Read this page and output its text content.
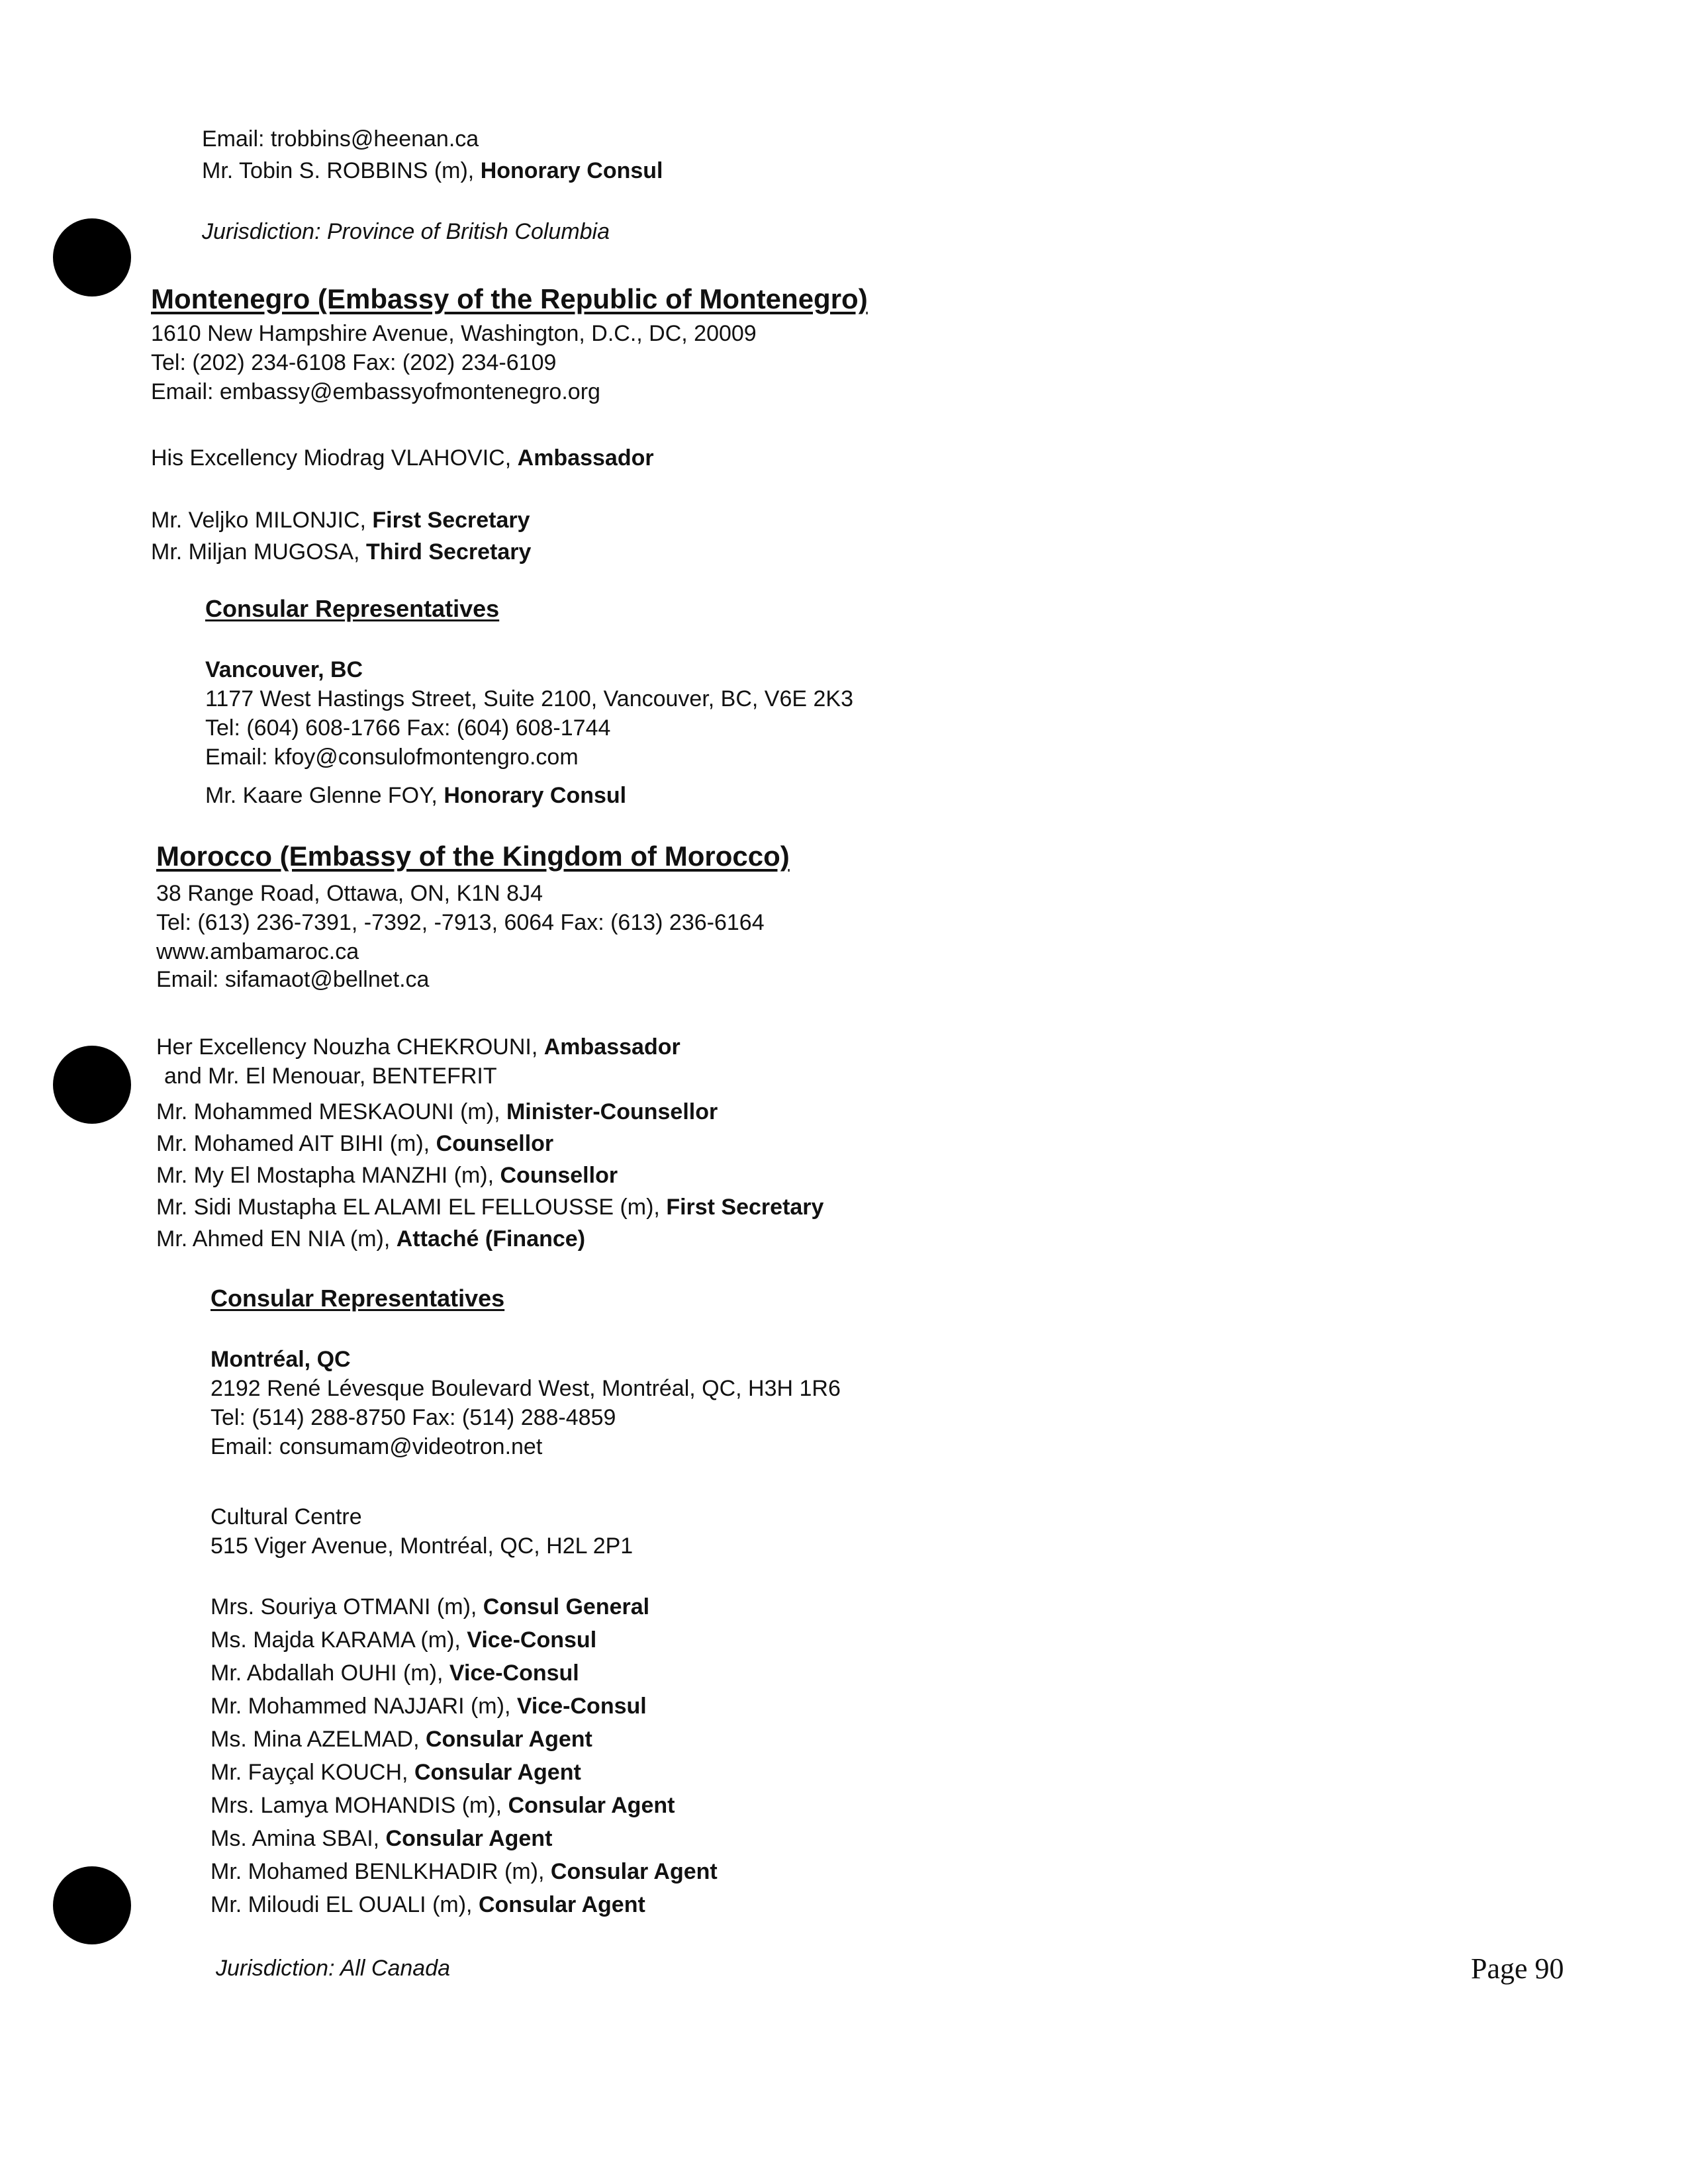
Email: trobbins@heenan.ca
Mr. Tobin S. ROBBINS (m), Honorary Consul
Jurisdiction: Province of British Columbia
Montenegro (Embassy of the Republic of Montenegro)
1610 New Hampshire Avenue, Washington, D.C., DC, 20009
Tel: (202) 234-6108 Fax: (202) 234-6109
Email: embassy@embassyofmontenegro.org
His Excellency Miodrag VLAHOVIC, Ambassador
Mr. Veljko MILONJIC, First Secretary
Mr. Miljan MUGOSA, Third Secretary
Consular Representatives
Vancouver, BC
1177 West Hastings Street, Suite 2100, Vancouver, BC, V6E 2K3
Tel: (604) 608-1766 Fax: (604) 608-1744
Email: kfoy@consulofmontengro.com
Mr. Kaare Glenne FOY, Honorary Consul
Morocco (Embassy of the Kingdom of Morocco)
38 Range Road, Ottawa, ON, K1N 8J4
Tel: (613) 236-7391, -7392, -7913, 6064 Fax: (613) 236-6164
www.ambamaroc.ca
Email: sifamaot@bellnet.ca
Her Excellency Nouzha CHEKROUNI, Ambassador
and Mr. El Menouar, BENTEFRIT
Mr. Mohammed MESKAOUNI (m), Minister-Counsellor
Mr. Mohamed AIT BIHI (m), Counsellor
Mr. My El Mostapha MANZHI (m), Counsellor
Mr. Sidi Mustapha EL ALAMI EL FELLOUSSE (m), First Secretary
Mr. Ahmed EN NIA (m), Attaché (Finance)
Consular Representatives
Montréal, QC
2192 René Lévesque Boulevard West, Montréal, QC, H3H 1R6
Tel: (514) 288-8750 Fax: (514) 288-4859
Email: consumam@videotron.net
Cultural Centre
515 Viger Avenue, Montréal, QC, H2L 2P1
Mrs. Souriya OTMANI (m), Consul General
Ms. Majda KARAMA (m), Vice-Consul
Mr. Abdallah OUHI (m), Vice-Consul
Mr. Mohammed NAJJARI (m), Vice-Consul
Ms. Mina AZELMAD, Consular Agent
Mr. Fayçal KOUCH, Consular Agent
Mrs. Lamya MOHANDIS (m), Consular Agent
Ms. Amina SBAI, Consular Agent
Mr. Mohamed BENLKHADIR (m), Consular Agent
Mr. Miloudi EL OUALI (m), Consular Agent
Jurisdiction: All Canada	Page 90
